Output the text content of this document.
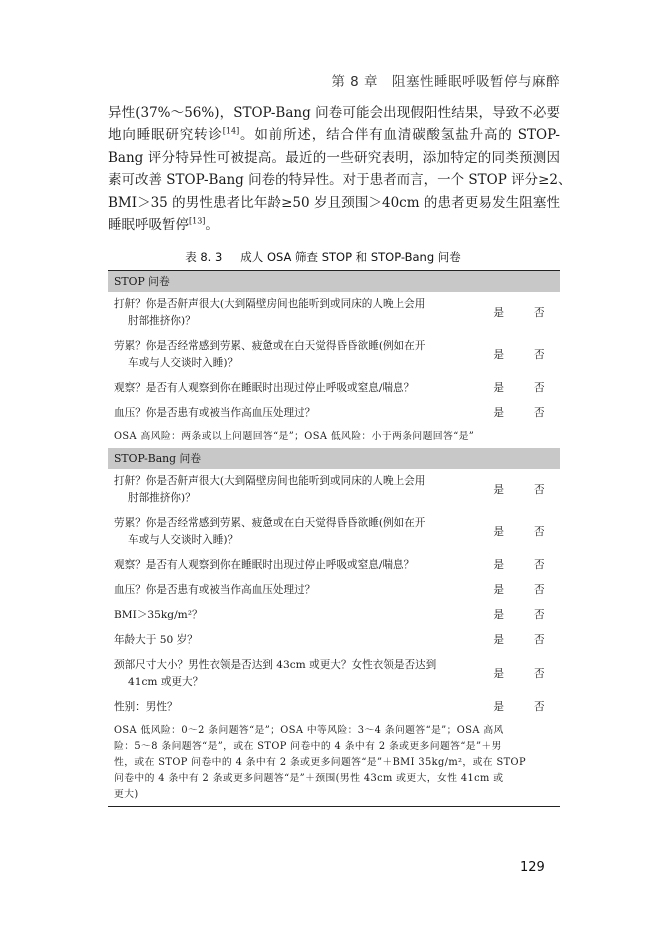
第 8 章　阻塞性睡眠呼吸暂停与麻醉
异性(37%～56%)，STOP-Bang 问卷可能会出现假阳性结果，导致不必要
地向睡眠研究转诊[14]。如前所述，结合伴有血清碳酸氢盐升高的 STOP-
Bang 评分特异性可被提高。最近的一些研究表明，添加特定的同类预测因
素可改善 STOP-Bang 问卷的特异性。对于患者而言，一个 STOP 评分≥2、
BMI＞35 的男性患者比年龄≥50 岁且颈围＞40cm 的患者更易发生阻塞性
睡眠呼吸暂停[13]。
表 8. 3 成人 OSA 筛查 STOP 和 STOP-Bang 问卷

STOP 问卷		
打鼾？你是否鼾声很大(大到隔壁房间也能听到或同床的人晚上会用
肘部推挤你)？	是	否
劳累？你是否经常感到劳累、疲惫或在白天觉得昏昏欲睡(例如在开
车或与人交谈时入睡)？	是	否
观察？是否有人观察到你在睡眠时出现过停止呼吸或窒息/喘息？	是	否
血压？你是否患有或被当作高血压处理过？	是	否
OSA 高风险：两条或以上问题回答“是”；OSA 低风险：小于两条问题回答“是”		
STOP-Bang 问卷		
打鼾？你是否鼾声很大(大到隔壁房间也能听到或同床的人晚上会用
肘部推挤你)？	是	否
劳累？你是否经常感到劳累、疲惫或在白天觉得昏昏欲睡(例如在开
车或与人交谈时入睡)？	是	否
观察？是否有人观察到你在睡眠时出现过停止呼吸或窒息/喘息？	是	否
血压？你是否患有或被当作高血压处理过？	是	否
BMI＞35kg/m²？	是	否
年龄大于 50 岁？	是	否
颈部尺寸大小？男性衣领是否达到 43cm 或更大？女性衣领是否达到
41cm 或更大？	是	否
性别：男性？	是	否

OSA 低风险：0～2 条问题答“是”；OSA 中等风险：3～4 条问题答“是”；OSA 高风
险：5～8 条问题答“是”，或在 STOP 问卷中的 4 条中有 2 条或更多问题答“是”＋男
性，或在 STOP 问卷中的 4 条中有 2 条或更多问题答“是”＋BMI 35kg/m²，或在 STOP
问卷中的 4 条中有 2 条或更多问题答“是”＋颈围(男性 43cm 或更大，女性 41cm 或
更大)		

129
